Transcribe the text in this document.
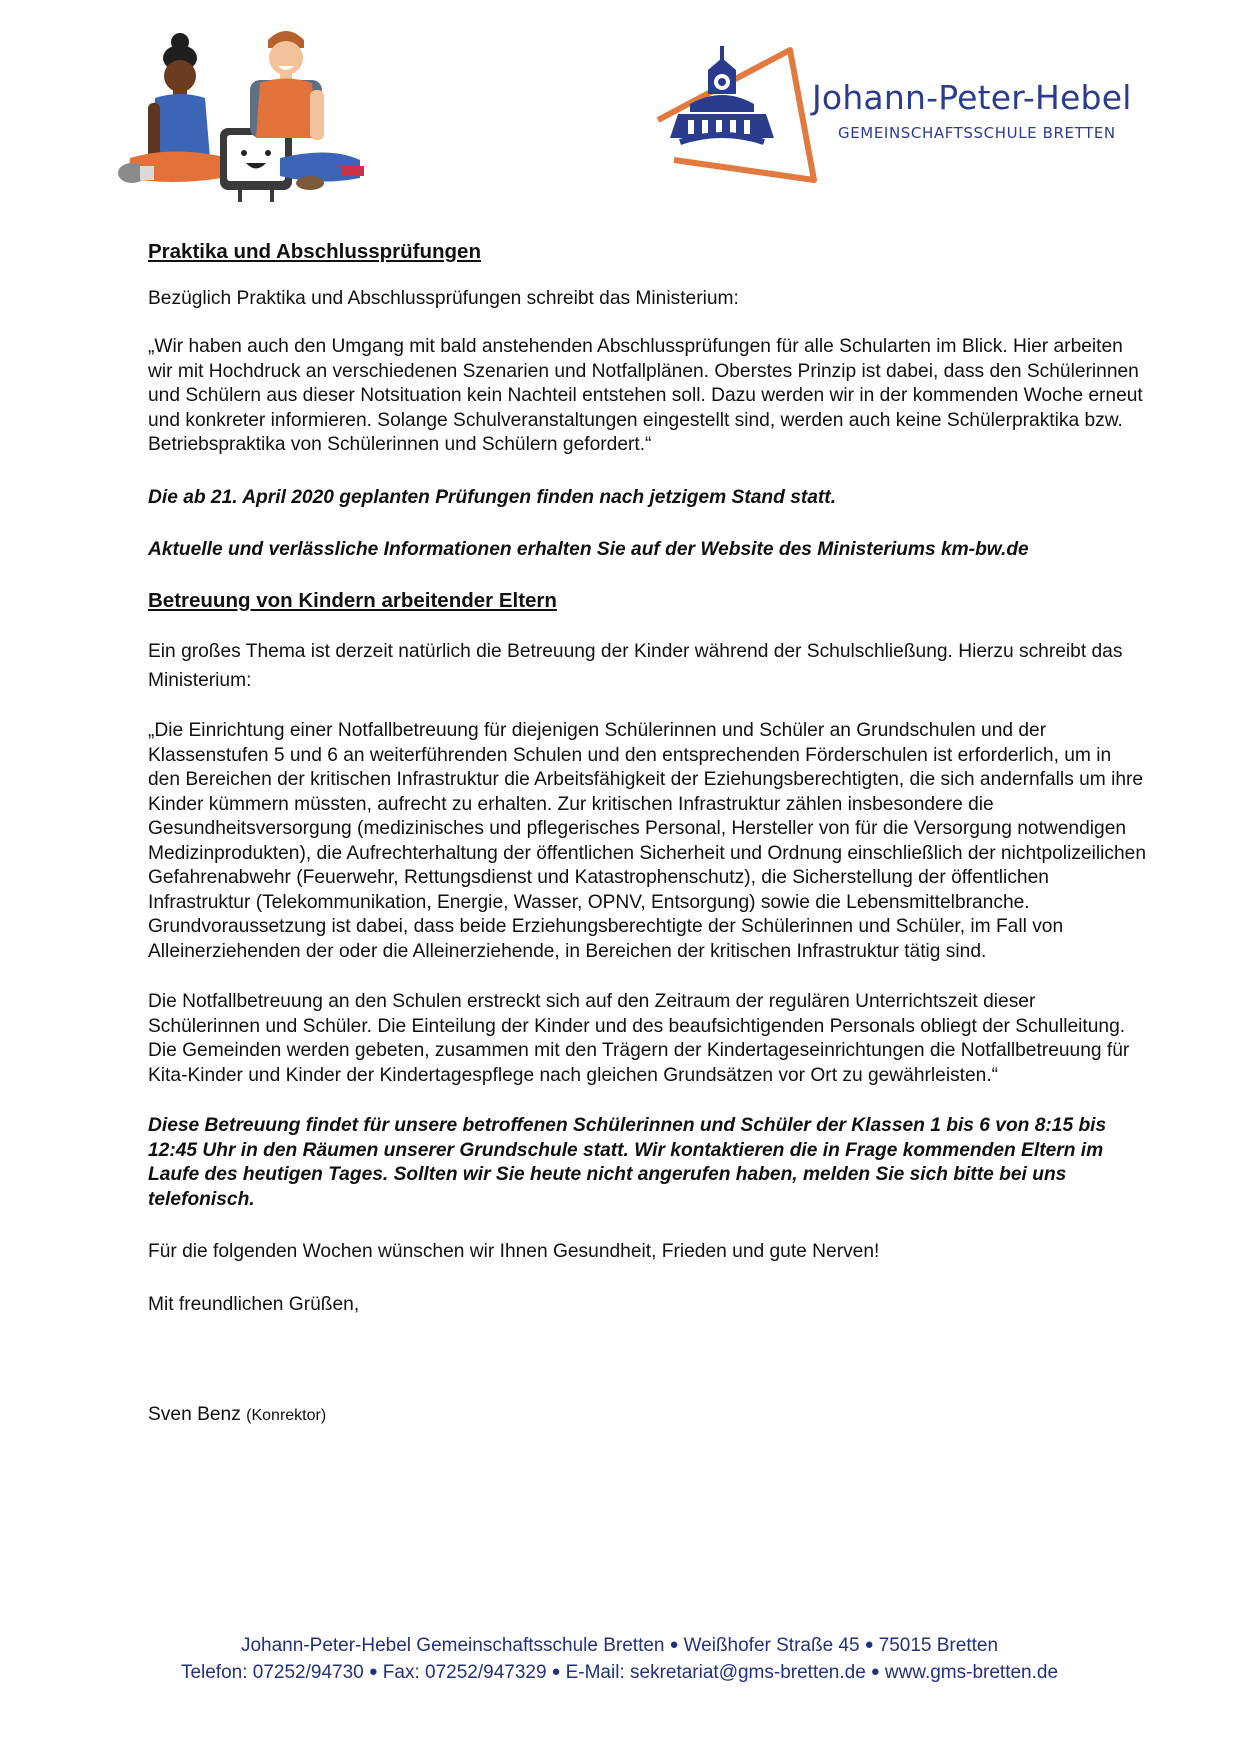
Johann-Peter-Hebel
GEMEINSCHAFTSSCHULE BRETTEN

Praktika und Abschlussprüfungen

Bezüglich Praktika und Abschlussprüfungen schreibt das Ministerium:

„Wir haben auch den Umgang mit bald anstehenden Abschlussprüfungen für alle Schularten im Blick. Hier arbeiten wir mit Hochdruck an verschiedenen Szenarien und Notfallplänen. Oberstes Prinzip ist dabei, dass den Schülerinnen und Schülern aus dieser Notsituation kein Nachteil entstehen soll. Dazu werden wir in der kommenden Woche erneut und konkreter informieren. Solange Schulveranstaltungen eingestellt sind, werden auch keine Schülerpraktika bzw. Betriebspraktika von Schülerinnen und Schülern gefordert.“

Die ab 21. April 2020 geplanten Prüfungen finden nach jetzigem Stand statt.

Aktuelle und verlässliche Informationen erhalten Sie auf der Website des Ministeriums km-bw.de

Betreuung von Kindern arbeitender Eltern

Ein großes Thema ist derzeit natürlich die Betreuung der Kinder während der Schulschließung. Hierzu schreibt das Ministerium:

„Die Einrichtung einer Notfallbetreuung für diejenigen Schülerinnen und Schüler an Grundschulen und der Klassenstufen 5 und 6 an weiterführenden Schulen und den entsprechenden Förderschulen ist erforderlich, um in den Bereichen der kritischen Infrastruktur die Arbeitsfähigkeit der Eziehungsberechtigten, die sich andernfalls um ihre Kinder kümmern müssten, aufrecht zu erhalten. Zur kritischen Infrastruktur zählen insbesondere die Gesundheitsversorgung (medizinisches und pflegerisches Personal, Hersteller von für die Versorgung notwendigen Medizinprodukten), die Aufrechterhaltung der öffentlichen Sicherheit und Ordnung einschließlich der nichtpolizeilichen Gefahrenabwehr (Feuerwehr, Rettungsdienst und Katastrophenschutz), die Sicherstellung der öffentlichen Infrastruktur (Telekommunikation, Energie, Wasser, OPNV, Entsorgung) sowie die Lebensmittelbranche. Grundvoraussetzung ist dabei, dass beide Erziehungsberechtigte der Schülerinnen und Schüler, im Fall von Alleinerziehenden der oder die Alleinerziehende, in Bereichen der kritischen Infrastruktur tätig sind.

Die Notfallbetreuung an den Schulen erstreckt sich auf den Zeitraum der regulären Unterrichtszeit dieser Schülerinnen und Schüler. Die Einteilung der Kinder und des beaufsichtigenden Personals obliegt der Schulleitung. Die Gemeinden werden gebeten, zusammen mit den Trägern der Kindertageseinrichtungen die Notfallbetreuung für Kita-Kinder und Kinder der Kindertagespflege nach gleichen Grundsätzen vor Ort zu gewährleisten.“

Diese Betreuung findet für unsere betroffenen Schülerinnen und Schüler der Klassen 1 bis 6 von 8:15 bis 12:45 Uhr in den Räumen unserer Grundschule statt. Wir kontaktieren die in Frage kommenden Eltern im Laufe des heutigen Tages. Sollten wir Sie heute nicht angerufen haben, melden Sie sich bitte bei uns telefonisch.

Für die folgenden Wochen wünschen wir Ihnen Gesundheit, Frieden und gute Nerven!

Mit freundlichen Grüßen,

Sven Benz (Konrektor)

Johann-Peter-Hebel Gemeinschaftsschule Bretten ● Weißhofer Straße 45 ● 75015 Bretten
Telefon: 07252/94730 ● Fax: 07252/947329 ● E-Mail: sekretariat@gms-bretten.de ● www.gms-bretten.de
